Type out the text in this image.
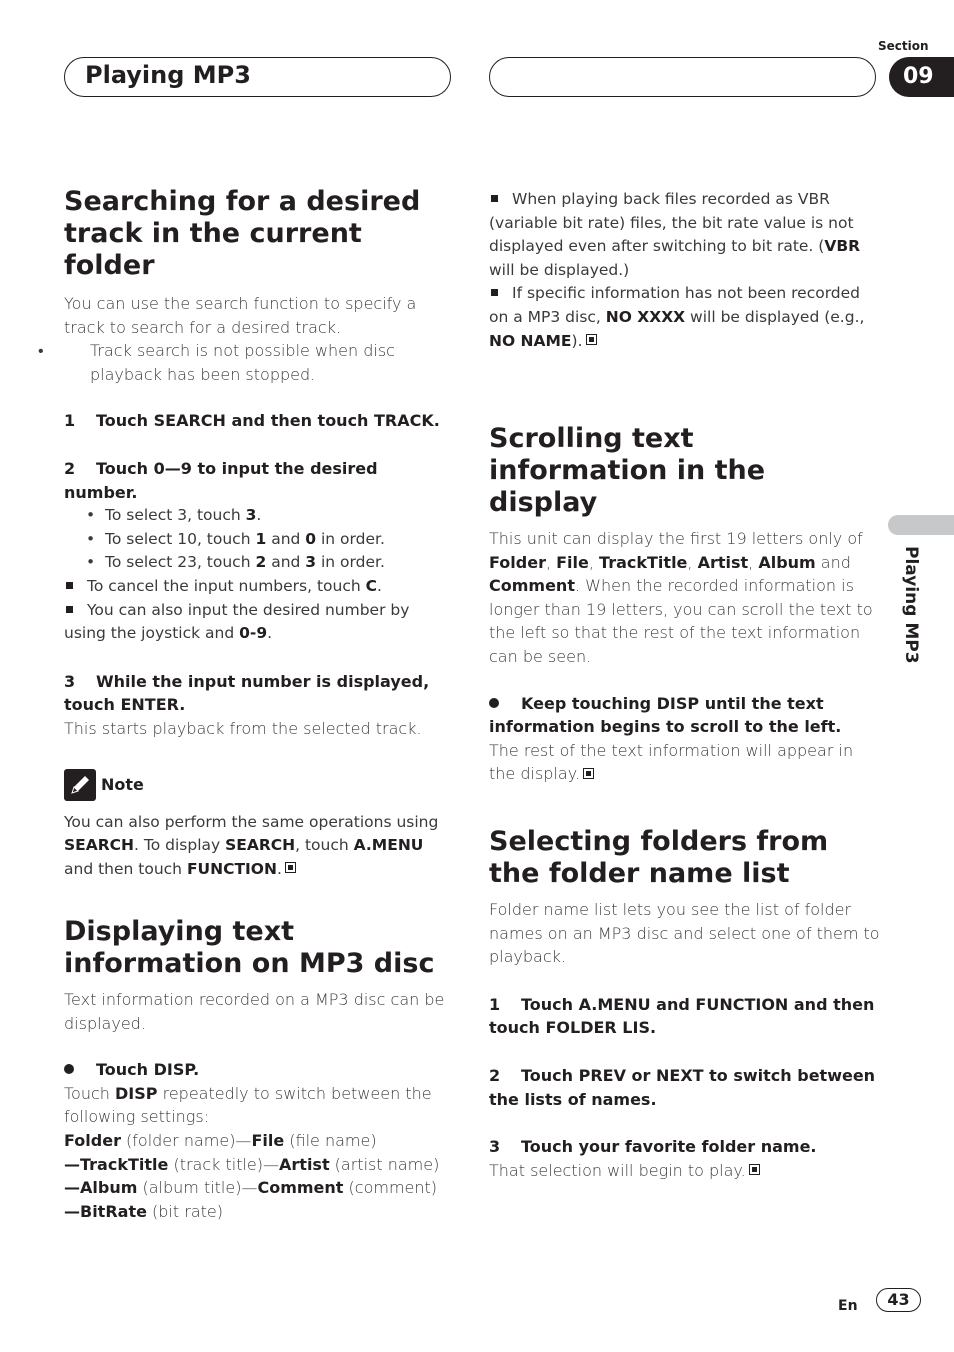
Playing MP3
Section
09
Playing MP3
Searching for a desired track in the current folder

You can use the search function to specify a track to search for a desired track.

•	Track search is not possible when disc playback has been stopped.

1 Touch SEARCH and then touch TRACK.

2 Touch 0—9 to input the desired number.

•  To select 3, touch 3.

•  To select 10, touch 1 and 0 in order.

•  To select 23, touch 2 and 3 in order.

To cancel the input numbers, touch C.

You can also input the desired number by using the joystick and 0-9.

3 While the input number is displayed, touch ENTER.

This starts playback from the selected track.

Note

You can also perform the same operations using SEARCH. To display SEARCH, touch A.MENU and then touch FUNCTION.

Displaying text information on MP3 disc

Text information recorded on a MP3 disc can be displayed.

Touch DISP.

Touch DISP repeatedly to switch between the following settings:

Folder (folder name)—File (file name)
—TrackTitle (track title)—Artist (artist name)
—Album (album title)—Comment (comment)
—BitRate (bit rate)

When playing back files recorded as VBR (variable bit rate) files, the bit rate value is not displayed even after switching to bit rate. (VBR will be displayed.)

If specific information has not been recorded on a MP3 disc, NO XXXX will be displayed (e.g., NO NAME).

Scrolling text information in the display

This unit can display the first 19 letters only of Folder, File, TrackTitle, Artist, Album and Comment. When the recorded information is longer than 19 letters, you can scroll the text to the left so that the rest of the text information can be seen.

Keep touching DISP until the text information begins to scroll to the left.

The rest of the text information will appear in the display.

Selecting folders from the folder name list

Folder name list lets you see the list of folder names on an MP3 disc and select one of them to playback.

1 Touch A.MENU and FUNCTION and then touch FOLDER LIS.

2 Touch PREV or NEXT to switch between the lists of names.

3 Touch your favorite folder name.

That selection will begin to play.

En	43
